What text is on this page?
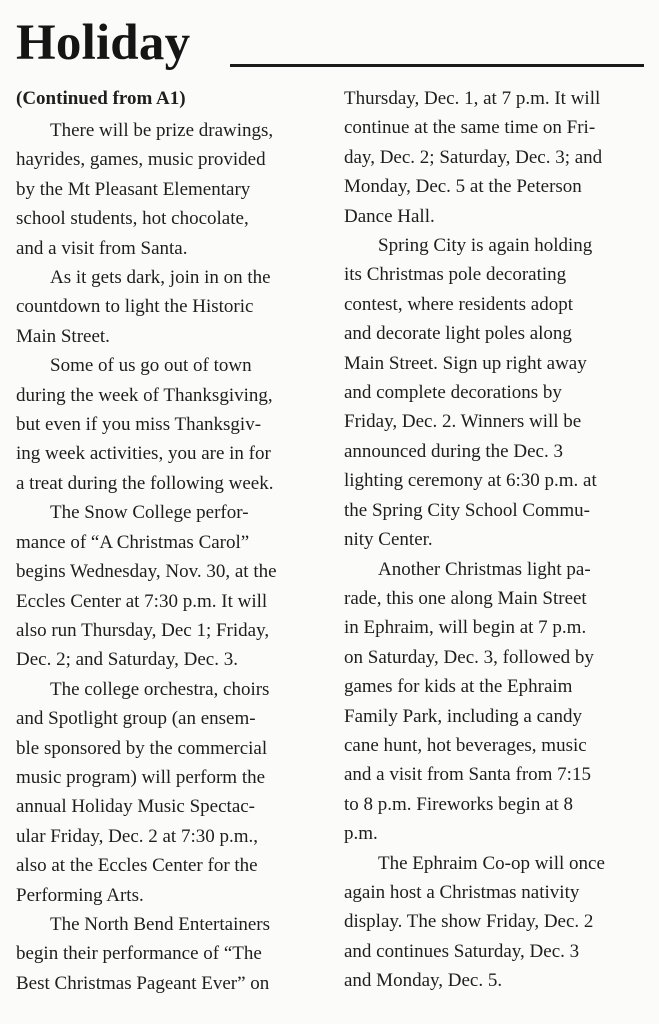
Holiday
(Continued from A1)
There will be prize drawings,
hayrides, games, music provided
by the Mt Pleasant Elementary
school students, hot chocolate,
and a visit from Santa.
As it gets dark, join in on the
countdown to light the Historic
Main Street.
Some of us go out of town
during the week of Thanksgiving,
but even if you miss Thanksgiv-
ing week activities, you are in for
a treat during the following week.
The Snow College perfor-
mance of “A Christmas Carol”
begins Wednesday, Nov. 30, at the
Eccles Center at 7:30 p.m. It will
also run Thursday, Dec 1; Friday,
Dec. 2; and Saturday, Dec. 3.
The college orchestra, choirs
and Spotlight group (an ensem-
ble sponsored by the commercial
music program) will perform the
annual Holiday Music Spectac-
ular Friday, Dec. 2 at 7:30 p.m.,
also at the Eccles Center for the
Performing Arts.
The North Bend Entertainers
begin their performance of “The
Best Christmas Pageant Ever” on
Thursday, Dec. 1, at 7 p.m. It will
continue at the same time on Fri-
day, Dec. 2; Saturday, Dec. 3; and
Monday, Dec. 5 at the Peterson
Dance Hall.
Spring City is again holding
its Christmas pole decorating
contest, where residents adopt
and decorate light poles along
Main Street. Sign up right away
and complete decorations by
Friday, Dec. 2. Winners will be
announced during the Dec. 3
lighting ceremony at 6:30 p.m. at
the Spring City School Commu-
nity Center.
Another Christmas light pa-
rade, this one along Main Street
in Ephraim, will begin at 7 p.m.
on Saturday, Dec. 3, followed by
games for kids at the Ephraim
Family Park, including a candy
cane hunt, hot beverages, music
and a visit from Santa from 7:15
to 8 p.m. Fireworks begin at 8
p.m.
The Ephraim Co-op will once
again host a Christmas nativity
display. The show Friday, Dec. 2
and continues Saturday, Dec. 3
and Monday, Dec. 5.
